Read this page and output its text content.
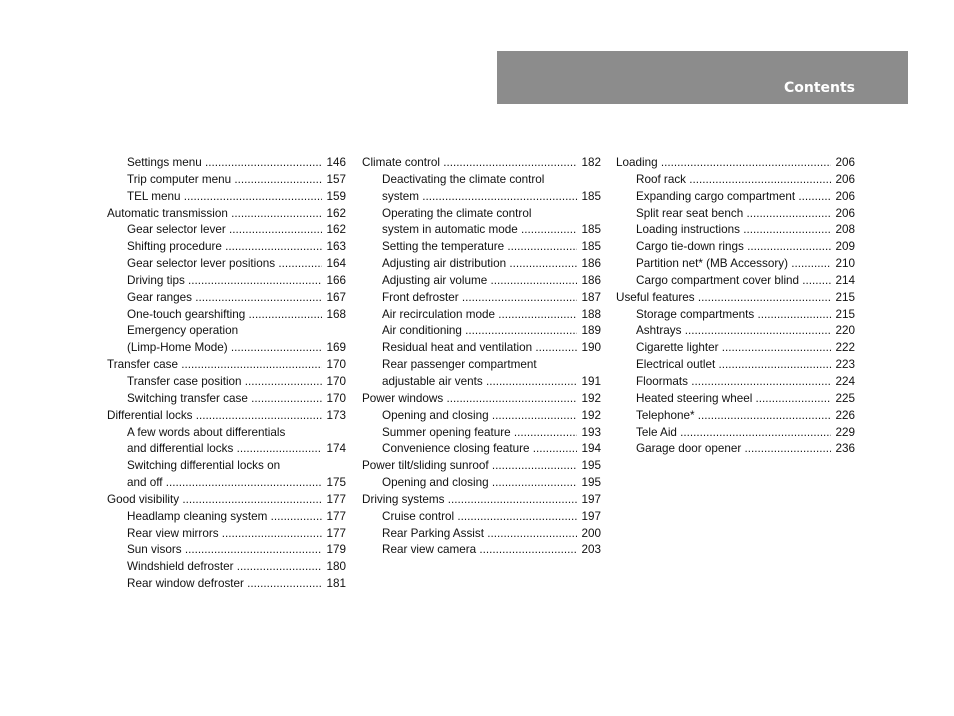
Contents
Settings menu .....	146
Trip computer menu .....	157
TEL menu .....	159
Automatic transmission .....	162
Gear selector lever .....	162
Shifting procedure .....	163
Gear selector lever positions .....	164
Driving tips .....	166
Gear ranges .....	167
One-touch gearshifting .....	168
Emergency operation
(Limp-Home Mode) .....	169
Transfer case .....	170
Transfer case position .....	170
Switching transfer case .....	170
Differential locks .....	173
A few words about differentials
and differential locks .....	174
Switching differential locks on
and off .....	175
Good visibility .....	177
Headlamp cleaning system .....	177
Rear view mirrors .....	177
Sun visors .....	179
Windshield defroster .....	180
Rear window defroster .....	181
Climate control .....	182
Deactivating the climate control
system .....	185
Operating the climate control
system in automatic mode .....	185
Setting the temperature .....	185
Adjusting air distribution .....	186
Adjusting air volume .....	186
Front defroster .....	187
Air recirculation mode .....	188
Air conditioning .....	189
Residual heat and ventilation .....	190
Rear passenger compartment
adjustable air vents .....	191
Power windows .....	192
Opening and closing .....	192
Summer opening feature .....	193
Convenience closing feature .....	194
Power tilt/sliding sunroof .....	195
Opening and closing .....	195
Driving systems .....	197
Cruise control .....	197
Rear Parking Assist .....	200
Rear view camera .....	203
Loading .....	206
Roof rack .....	206
Expanding cargo compartment .....	206
Split rear seat bench .....	206
Loading instructions .....	208
Cargo tie-down rings .....	209
Partition net* (MB Accessory) .....	210
Cargo compartment cover blind .....	214
Useful features .....	215
Storage compartments .....	215
Ashtrays .....	220
Cigarette lighter .....	222
Electrical outlet .....	223
Floormats .....	224
Heated steering wheel .....	225
Telephone* .....	226
Tele Aid .....	229
Garage door opener .....	236
